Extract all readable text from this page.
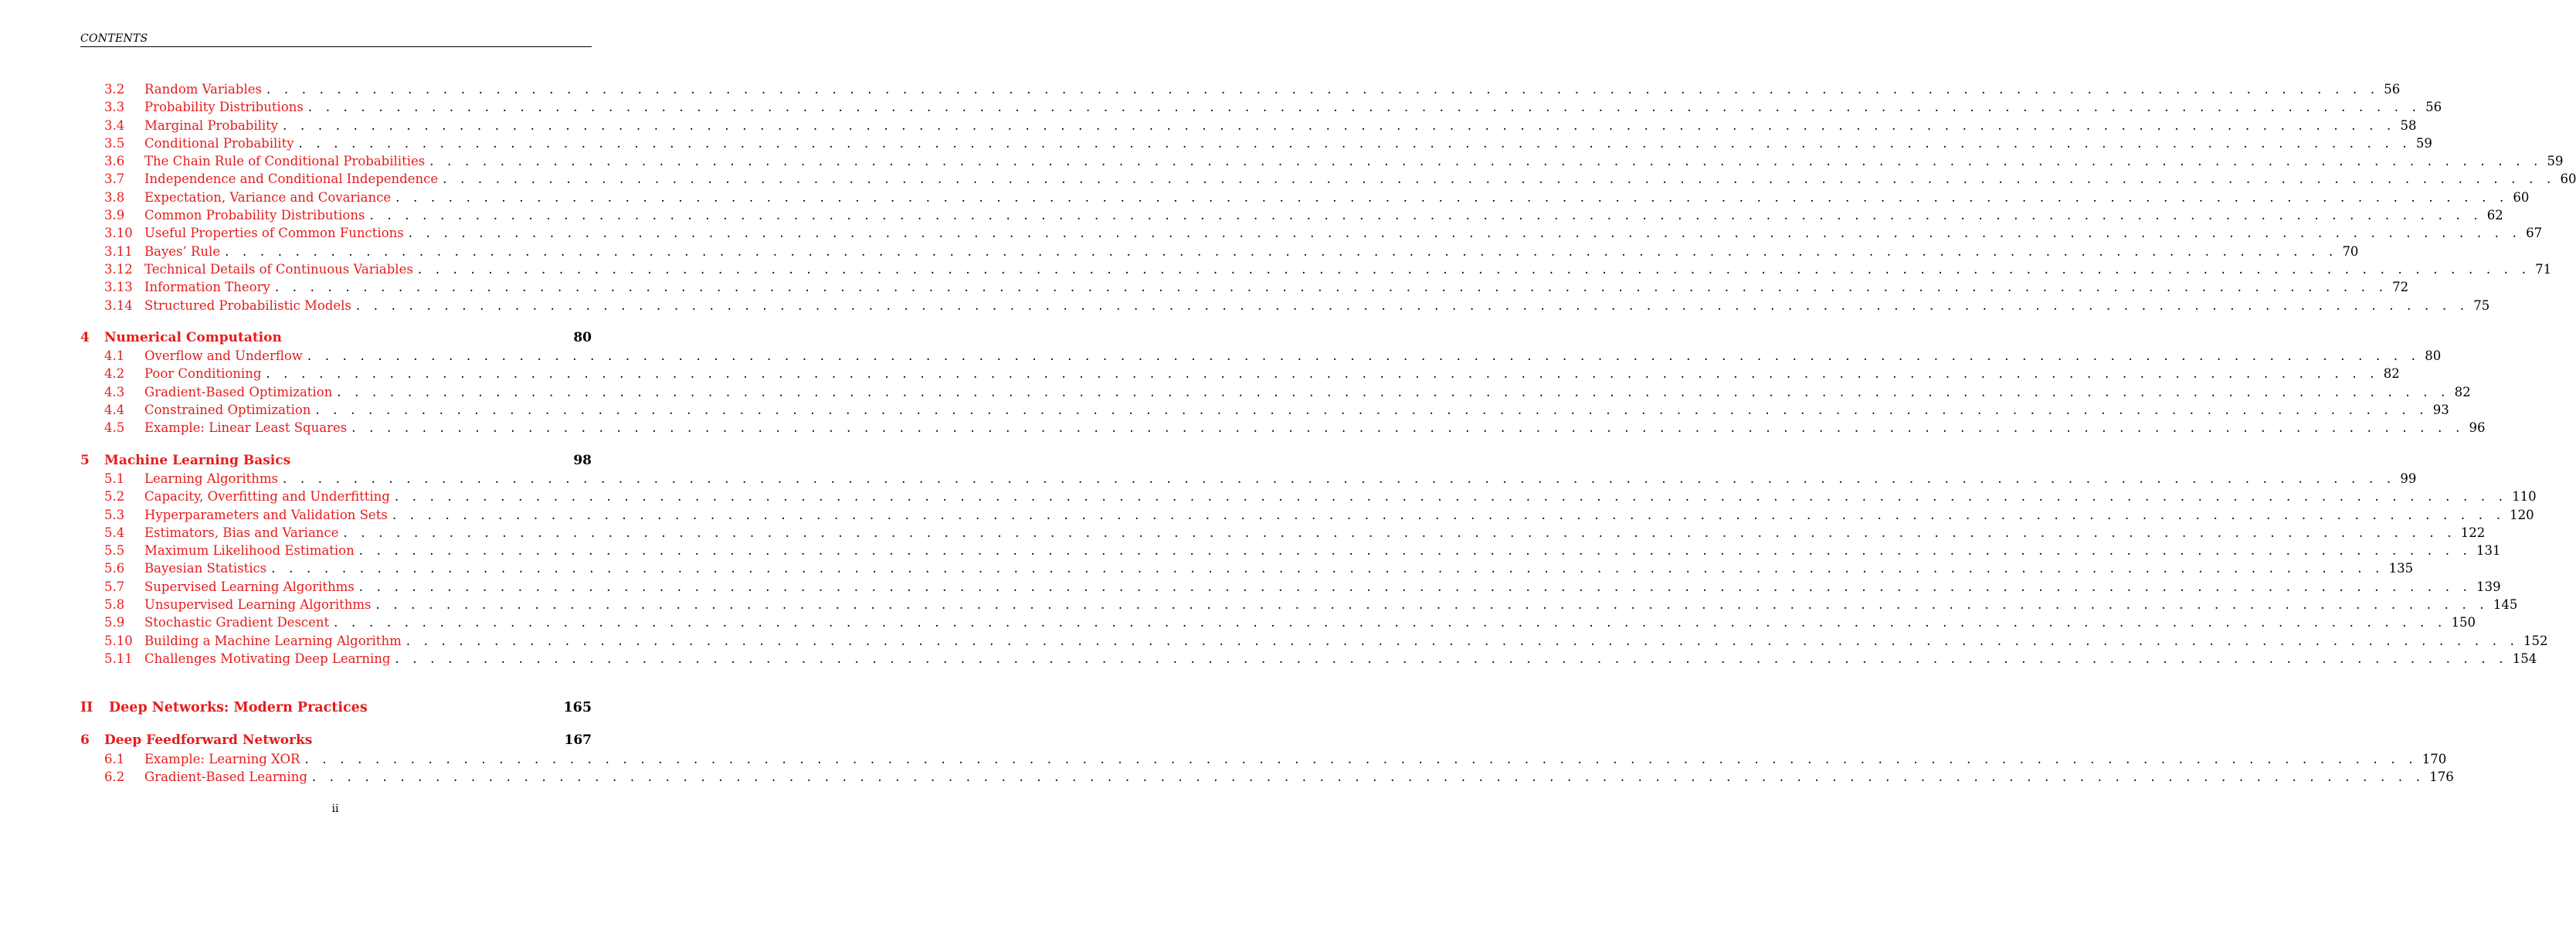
CONTENTS
3.2	Random Variables . . . . . . . . . . . . . . . . . . . . . . . . . . . . . . . . . . . . . . . . . . . . . . . . . . . . . . . . . . . . . . . . . . . . . . . . . . . . . . . . . . . . . . . . . . . . . . . . . . . . . . . . . . . . . . . . . . . . . . . . 56
3.3	Probability Distributions . . . . . . . . . . . . . . . . . . . . . . . . . . . . . . . . . . . . . . . . . . . . . . . . . . . . . . . . . . . . . . . . . . . . . . . . . . . . . . . . . . . . . . . . . . . . . . . . . . . . . . . . . . . . . . . . . . . . . . . . 56
3.4	Marginal Probability . . . . . . . . . . . . . . . . . . . . . . . . . . . . . . . . . . . . . . . . . . . . . . . . . . . . . . . . . . . . . . . . . . . . . . . . . . . . . . . . . . . . . . . . . . . . . . . . . . . . . . . . . . . . . . . . . . . . . . . . 58
3.5	Conditional Probability . . . . . . . . . . . . . . . . . . . . . . . . . . . . . . . . . . . . . . . . . . . . . . . . . . . . . . . . . . . . . . . . . . . . . . . . . . . . . . . . . . . . . . . . . . . . . . . . . . . . . . . . . . . . . . . . . . . . . . . . 59
3.6	The Chain Rule of Conditional Probabilities . . . . . . . . . . . . . . . . . . . . . . . . . . . . . . . . . . . . . . . . . . . . . . . . . . . . . . . . . . . . . . . . . . . . . . . . . . . . . . . . . . . . . . . . . . . . . . . . . . . . . . . . . . . . . . . . . . . . . . . . 59
3.7	Independence and Conditional Independence . . . . . . . . . . . . . . . . . . . . . . . . . . . . . . . . . . . . . . . . . . . . . . . . . . . . . . . . . . . . . . . . . . . . . . . . . . . . . . . . . . . . . . . . . . . . . . . . . . . . . . . . . . . . . . . . . . . . . . . . 60
3.8	Expectation, Variance and Covariance . . . . . . . . . . . . . . . . . . . . . . . . . . . . . . . . . . . . . . . . . . . . . . . . . . . . . . . . . . . . . . . . . . . . . . . . . . . . . . . . . . . . . . . . . . . . . . . . . . . . . . . . . . . . . . . . . . . . . . . . 60
3.9	Common Probability Distributions . . . . . . . . . . . . . . . . . . . . . . . . . . . . . . . . . . . . . . . . . . . . . . . . . . . . . . . . . . . . . . . . . . . . . . . . . . . . . . . . . . . . . . . . . . . . . . . . . . . . . . . . . . . . . . . . . . . . . . . . 62
3.10 Useful Properties of Common Functions . . . . . . . . . . . . . . . . . . . . . . . . . . . . . . . . . . . . . . . . . . . . . . . . . . . . . . . . . . . . . . . . . . . . . . . . . . . . . . . . . . . . . . . . . . . . . . . . . . . . . . . . . . . . . . . . . . . . . . . . 67
3.11 Bayes’ Rule . . . . . . . . . . . . . . . . . . . . . . . . . . . . . . . . . . . . . . . . . . . . . . . . . . . . . . . . . . . . . . . . . . . . . . . . . . . . . . . . . . . . . . . . . . . . . . . . . . . . . . . . . . . . . . . . . . . . . . . . 70
3.12 Technical Details of Continuous Variables . . . . . . . . . . . . . . . . . . . . . . . . . . . . . . . . . . . . . . . . . . . . . . . . . . . . . . . . . . . . . . . . . . . . . . . . . . . . . . . . . . . . . . . . . . . . . . . . . . . . . . . . . . . . . . . . . . . . . . . . 71
3.13 Information Theory . . . . . . . . . . . . . . . . . . . . . . . . . . . . . . . . . . . . . . . . . . . . . . . . . . . . . . . . . . . . . . . . . . . . . . . . . . . . . . . . . . . . . . . . . . . . . . . . . . . . . . . . . . . . . . . . . . . . . . . . 72
3.14 Structured Probabilistic Models . . . . . . . . . . . . . . . . . . . . . . . . . . . . . . . . . . . . . . . . . . . . . . . . . . . . . . . . . . . . . . . . . . . . . . . . . . . . . . . . . . . . . . . . . . . . . . . . . . . . . . . . . . . . . . . . . . . . . . . . 75
4	Numerical Computation	80
4.1	Overflow and Underflow . . . . . . . . . . . . . . . . . . . . . . . . . . . . . . . . . . . . . . . . . . . . . . . . . . . . . . . . . . . . . . . . . . . . . . . . . . . . . . . . . . . . . . . . . . . . . . . . . . . . . . . . . . . . . . . . . . . . . . . . 80
4.2	Poor Conditioning . . . . . . . . . . . . . . . . . . . . . . . . . . . . . . . . . . . . . . . . . . . . . . . . . . . . . . . . . . . . . . . . . . . . . . . . . . . . . . . . . . . . . . . . . . . . . . . . . . . . . . . . . . . . . . . . . . . . . . . . 82
4.3	Gradient-Based Optimization . . . . . . . . . . . . . . . . . . . . . . . . . . . . . . . . . . . . . . . . . . . . . . . . . . . . . . . . . . . . . . . . . . . . . . . . . . . . . . . . . . . . . . . . . . . . . . . . . . . . . . . . . . . . . . . . . . . . . . . . 82
4.4	Constrained Optimization . . . . . . . . . . . . . . . . . . . . . . . . . . . . . . . . . . . . . . . . . . . . . . . . . . . . . . . . . . . . . . . . . . . . . . . . . . . . . . . . . . . . . . . . . . . . . . . . . . . . . . . . . . . . . . . . . . . . . . . . 93
4.5	Example: Linear Least Squares . . . . . . . . . . . . . . . . . . . . . . . . . . . . . . . . . . . . . . . . . . . . . . . . . . . . . . . . . . . . . . . . . . . . . . . . . . . . . . . . . . . . . . . . . . . . . . . . . . . . . . . . . . . . . . . . . . . . . . . . 96
5	Machine Learning Basics	98
5.1	Learning Algorithms . . . . . . . . . . . . . . . . . . . . . . . . . . . . . . . . . . . . . . . . . . . . . . . . . . . . . . . . . . . . . . . . . . . . . . . . . . . . . . . . . . . . . . . . . . . . . . . . . . . . . . . . . . . . . . . . . . . . . . . . 99
5.2	Capacity, Overfitting and Underfitting . . . . . . . . . . . . . . . . . . . . . . . . . . . . . . . . . . . . . . . . . . . . . . . . . . . . . . . . . . . . . . . . . . . . . . . . . . . . . . . . . . . . . . . . . . . . . . . . . . . . . . . . . . . . . . . . . . . . . . . . 110
5.3	Hyperparameters and Validation Sets . . . . . . . . . . . . . . . . . . . . . . . . . . . . . . . . . . . . . . . . . . . . . . . . . . . . . . . . . . . . . . . . . . . . . . . . . . . . . . . . . . . . . . . . . . . . . . . . . . . . . . . . . . . . . . . . . . . . . . . . 120
5.4	Estimators, Bias and Variance . . . . . . . . . . . . . . . . . . . . . . . . . . . . . . . . . . . . . . . . . . . . . . . . . . . . . . . . . . . . . . . . . . . . . . . . . . . . . . . . . . . . . . . . . . . . . . . . . . . . . . . . . . . . . . . . . . . . . . . . 122
5.5	Maximum Likelihood Estimation . . . . . . . . . . . . . . . . . . . . . . . . . . . . . . . . . . . . . . . . . . . . . . . . . . . . . . . . . . . . . . . . . . . . . . . . . . . . . . . . . . . . . . . . . . . . . . . . . . . . . . . . . . . . . . . . . . . . . . . . 131
5.6	Bayesian Statistics . . . . . . . . . . . . . . . . . . . . . . . . . . . . . . . . . . . . . . . . . . . . . . . . . . . . . . . . . . . . . . . . . . . . . . . . . . . . . . . . . . . . . . . . . . . . . . . . . . . . . . . . . . . . . . . . . . . . . . . . 135
5.7	Supervised Learning Algorithms . . . . . . . . . . . . . . . . . . . . . . . . . . . . . . . . . . . . . . . . . . . . . . . . . . . . . . . . . . . . . . . . . . . . . . . . . . . . . . . . . . . . . . . . . . . . . . . . . . . . . . . . . . . . . . . . . . . . . . . . 139
5.8	Unsupervised Learning Algorithms . . . . . . . . . . . . . . . . . . . . . . . . . . . . . . . . . . . . . . . . . . . . . . . . . . . . . . . . . . . . . . . . . . . . . . . . . . . . . . . . . . . . . . . . . . . . . . . . . . . . . . . . . . . . . . . . . . . . . . . . 145
5.9	Stochastic Gradient Descent . . . . . . . . . . . . . . . . . . . . . . . . . . . . . . . . . . . . . . . . . . . . . . . . . . . . . . . . . . . . . . . . . . . . . . . . . . . . . . . . . . . . . . . . . . . . . . . . . . . . . . . . . . . . . . . . . . . . . . . . 150
5.10 Building a Machine Learning Algorithm . . . . . . . . . . . . . . . . . . . . . . . . . . . . . . . . . . . . . . . . . . . . . . . . . . . . . . . . . . . . . . . . . . . . . . . . . . . . . . . . . . . . . . . . . . . . . . . . . . . . . . . . . . . . . . . . . . . . . . . . 152
5.11 Challenges Motivating Deep Learning . . . . . . . . . . . . . . . . . . . . . . . . . . . . . . . . . . . . . . . . . . . . . . . . . . . . . . . . . . . . . . . . . . . . . . . . . . . . . . . . . . . . . . . . . . . . . . . . . . . . . . . . . . . . . . . . . . . . . . . . 154
II	Deep Networks: Modern Practices	165
6	Deep Feedforward Networks	167
6.1	Example: Learning XOR . . . . . . . . . . . . . . . . . . . . . . . . . . . . . . . . . . . . . . . . . . . . . . . . . . . . . . . . . . . . . . . . . . . . . . . . . . . . . . . . . . . . . . . . . . . . . . . . . . . . . . . . . . . . . . . . . . . . . . . . 170
6.2	Gradient-Based Learning . . . . . . . . . . . . . . . . . . . . . . . . . . . . . . . . . . . . . . . . . . . . . . . . . . . . . . . . . . . . . . . . . . . . . . . . . . . . . . . . . . . . . . . . . . . . . . . . . . . . . . . . . . . . . . . . . . . . . . . . 176
ii
